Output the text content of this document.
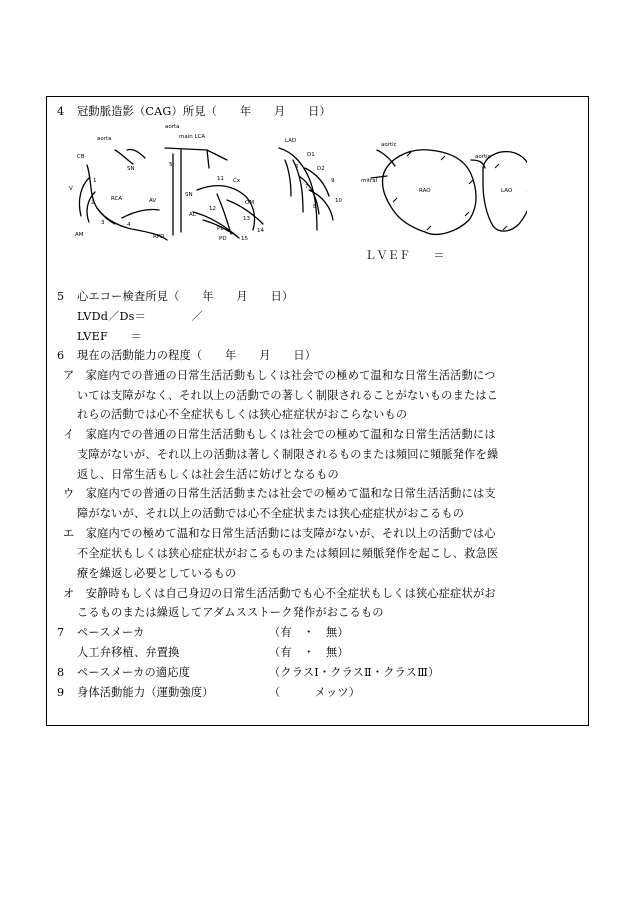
4 冠動脈造影（CAG）所見（　　年　　月　　日）
aorta
aorta
main LCA
LAD
D1
D2
Cx
CB
SN
RCA	AV
AM	RPD
V
PL
OM
PD
SN
AC
aortic
mitral
RAO
aortic
LAO
1
2
3	4
5	6
7
8
9
10
11
12
13
14
15
ＬＶＥＦ　　＝
5 心エコー検査所見（　　年　　月　　日）
LVDd／Ds＝　　　　／
LVEF　　＝
6 現在の活動能力の程度（　　年　　月　　日）
ア　家庭内での普通の日常生活活動もしくは社会での極めて温和な日常生活活動につ
いては支障がなく、それ以上の活動での著しく制限されることがないものまたはこ
れらの活動では心不全症状もしくは狭心症症状がおこらないもの
イ　家庭内での普通の日常生活活動もしくは社会での極めて温和な日常生活活動には
支障がないが、それ以上の活動は著しく制限されるものまたは頻回に頻脈発作を繰
返し、日常生活もしくは社会生活に妨げとなるもの
ウ　家庭内での普通の日常生活活動または社会での極めて温和な日常生活活動には支
障がないが、それ以上の活動では心不全症状または狭心症症状がおこるもの
エ　家庭内での極めて温和な日常生活活動には支障がないが、それ以上の活動では心
不全症状もしくは狭心症症状がおこるものまたは頻回に頻脈発作を起こし、救急医
療を繰返し必要としているもの
オ　安静時もしくは自己身辺の日常生活活動でも心不全症状もしくは狭心症症状がお
こるものまたは繰返してアダムスストーク発作がおこるもの
7 ペースメーカ	（有　・　無）
人工弁移植、弁置換	（有　・　無）
8 ペースメーカの適応度	（クラスⅠ・クラスⅡ・クラスⅢ）
9 身体活動能力（運動強度）	（　　　メッツ）
